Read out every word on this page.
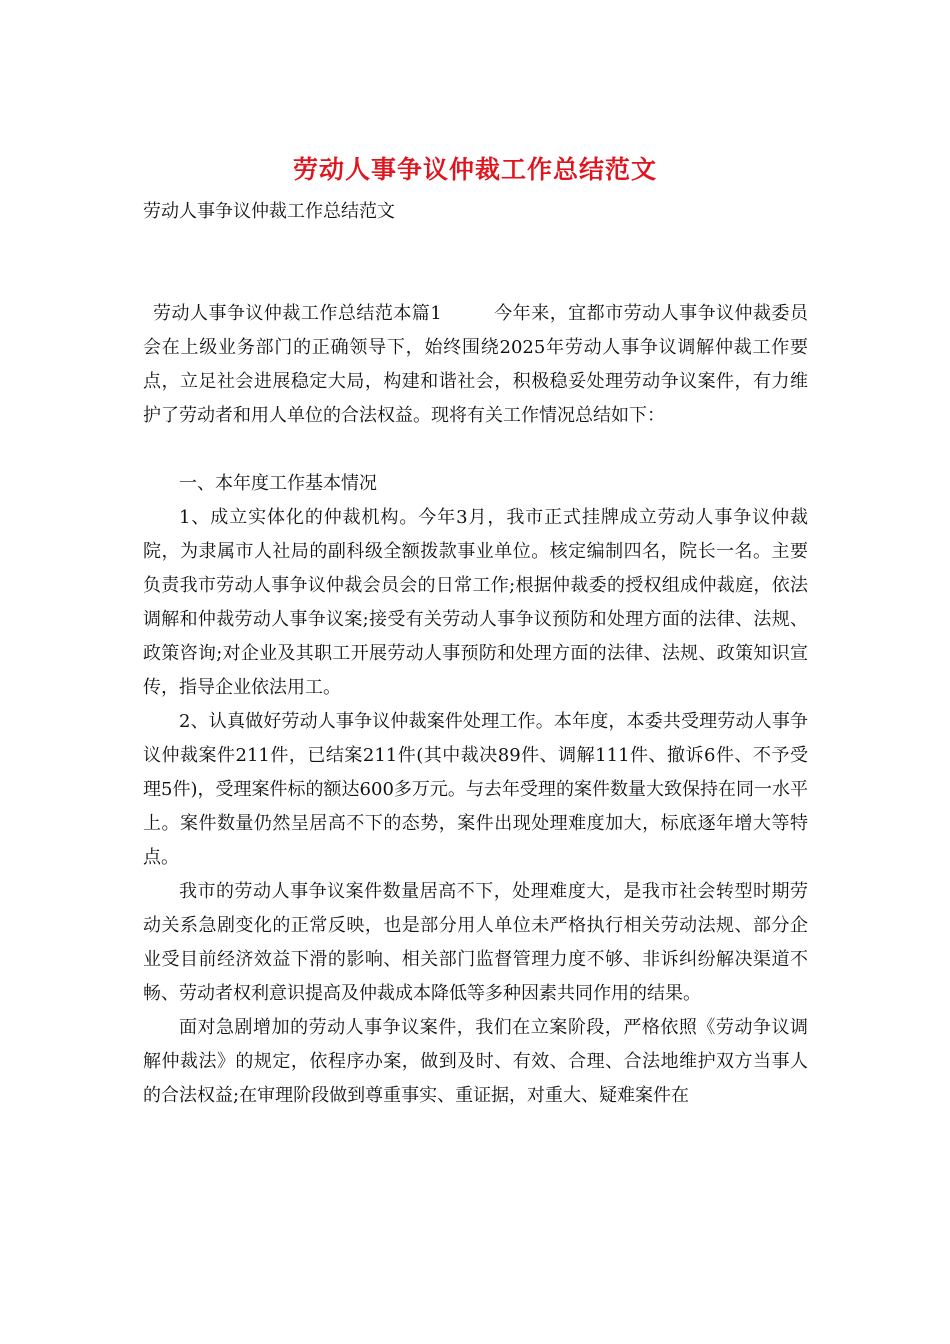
劳动人事争议仲裁工作总结范文
劳动人事争议仲裁工作总结范文

劳动人事争议仲裁工作总结范本篇1	今年来，宜都市劳动人事争议仲裁委员会在上级业务部门的正确领导下，始终围绕2025年劳动人事争议调解仲裁工作要点，立足社会进展稳定大局，构建和谐社会，积极稳妥处理劳动争议案件，有力维护了劳动者和用人单位的合法权益。现将有关工作情况总结如下：

一、本年度工作基本情况

1、成立实体化的仲裁机构。今年3月，我市正式挂牌成立劳动人事争议仲裁院，为隶属市人社局的副科级全额拨款事业单位。核定编制四名，院长一名。主要负责我市劳动人事争议仲裁会员会的日常工作;根据仲裁委的授权组成仲裁庭，依法调解和仲裁劳动人事争议案;接受有关劳动人事争议预防和处理方面的法律、法规、政策咨询;对企业及其职工开展劳动人事预防和处理方面的法律、法规、政策知识宣传，指导企业依法用工。

2、认真做好劳动人事争议仲裁案件处理工作。本年度，本委共受理劳动人事争议仲裁案件211件，已结案211件(其中裁决89件、调解111件、撤诉6件、不予受理5件)，受理案件标的额达600多万元。与去年受理的案件数量大致保持在同一水平上。案件数量仍然呈居高不下的态势，案件出现处理难度加大，标底逐年增大等特点。

我市的劳动人事争议案件数量居高不下，处理难度大，是我市社会转型时期劳动关系急剧变化的正常反映，也是部分用人单位未严格执行相关劳动法规、部分企业受目前经济效益下滑的影响、相关部门监督管理力度不够、非诉纠纷解决渠道不畅、劳动者权利意识提高及仲裁成本降低等多种因素共同作用的结果。

面对急剧增加的劳动人事争议案件，我们在立案阶段，严格依照《劳动争议调解仲裁法》的规定，依程序办案，做到及时、有效、合理、合法地维护双方当事人的合法权益;在审理阶段做到尊重事实、重证据，对重大、疑难案件在
